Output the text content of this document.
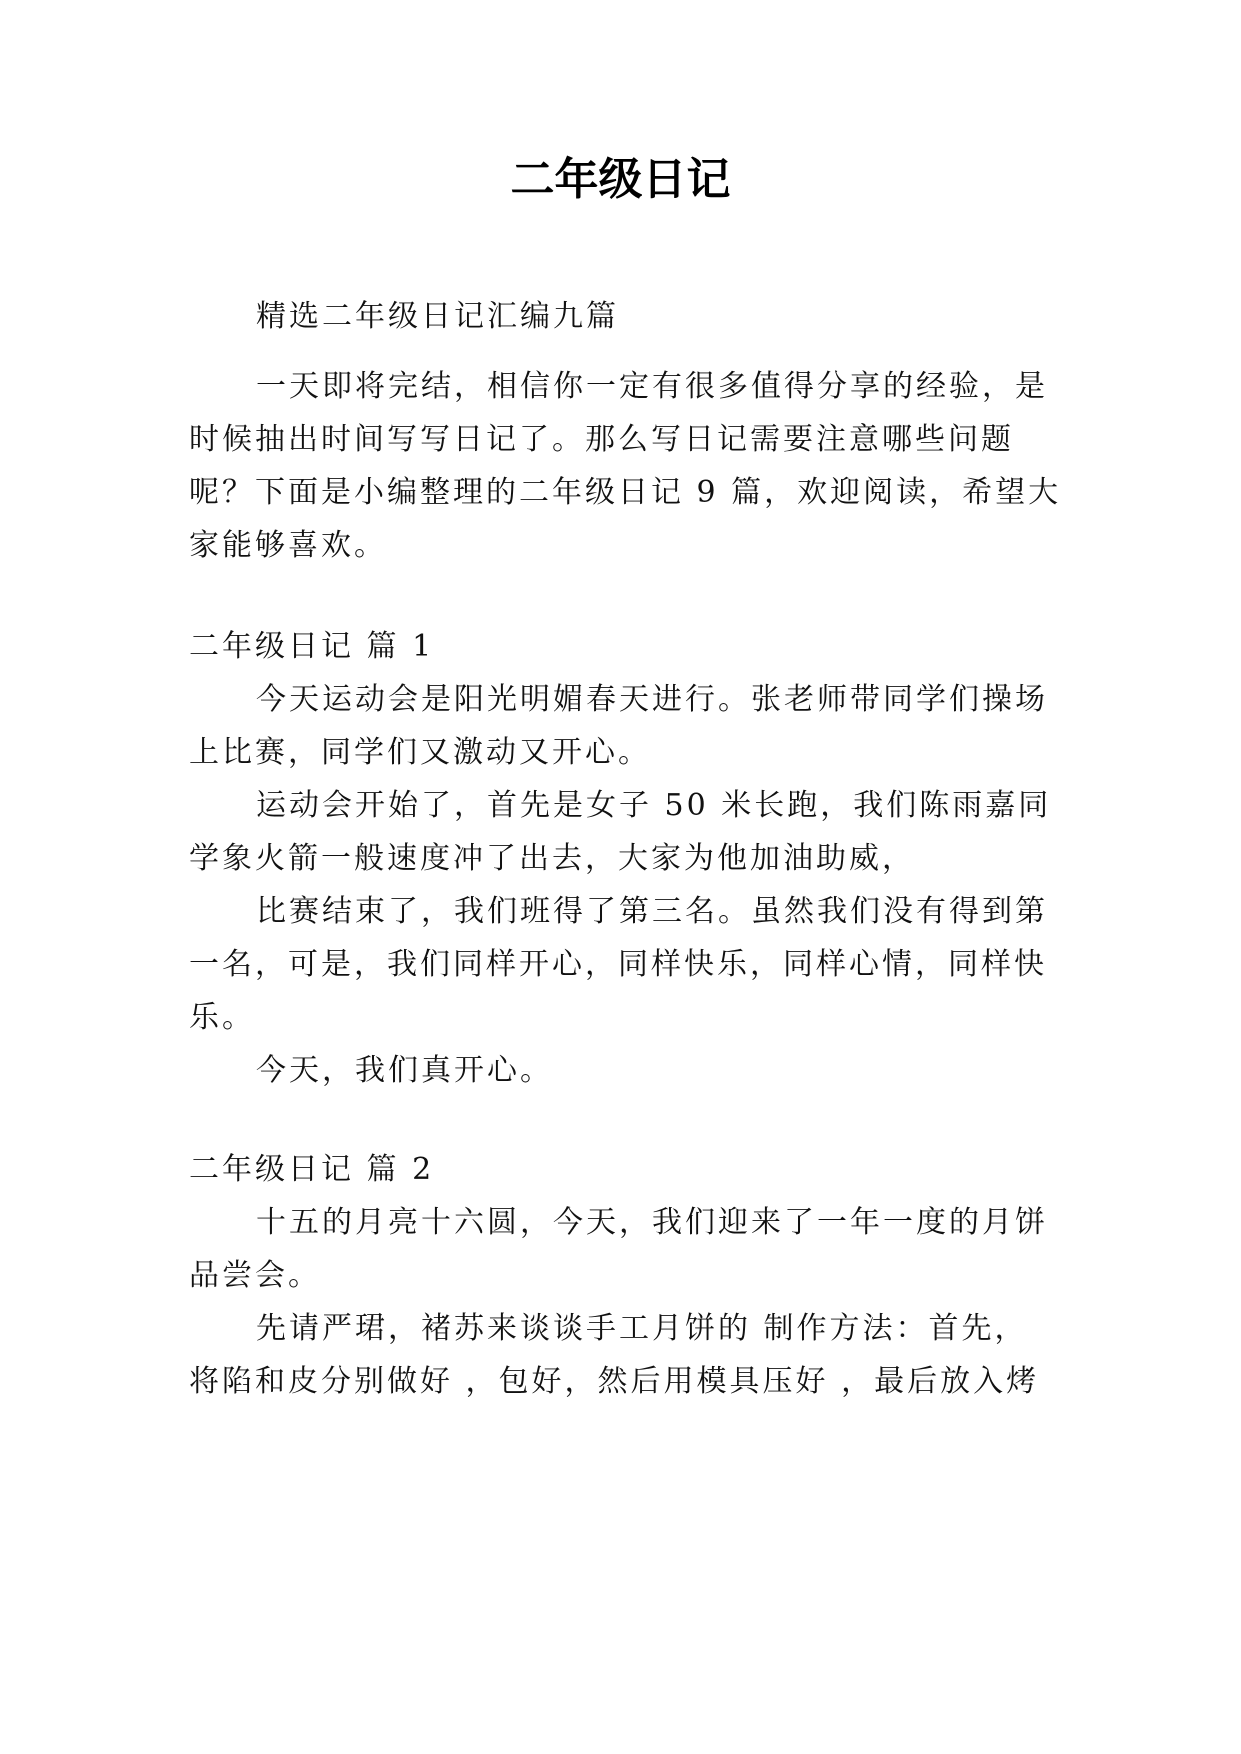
二年级日记
精选二年级日记汇编九篇
一天即将完结，相信你一定有很多值得分享的经验，是
时候抽出时间写写日记了。那么写日记需要注意哪些问题
呢？下面是小编整理的二年级日记 9 篇，欢迎阅读，希望大
家能够喜欢。
二年级日记 篇 1
今天运动会是阳光明媚春天进行。张老师带同学们操场
上比赛，同学们又激动又开心。
运动会开始了，首先是女子 50 米长跑，我们陈雨嘉同
学象火箭一般速度冲了出去，大家为他加油助威，
比赛结束了，我们班得了第三名。虽然我们没有得到第
一名，可是，我们同样开心，同样快乐，同样心情，同样快
乐。
今天，我们真开心。
二年级日记 篇 2
十五的月亮十六圆，今天，我们迎来了一年一度的月饼
品尝会。
先请严珺，褚苏来谈谈手工月饼的 制作方法：首先，
将陷和皮分别做好 ，包好，然后用模具压好 ，最后放入烤
